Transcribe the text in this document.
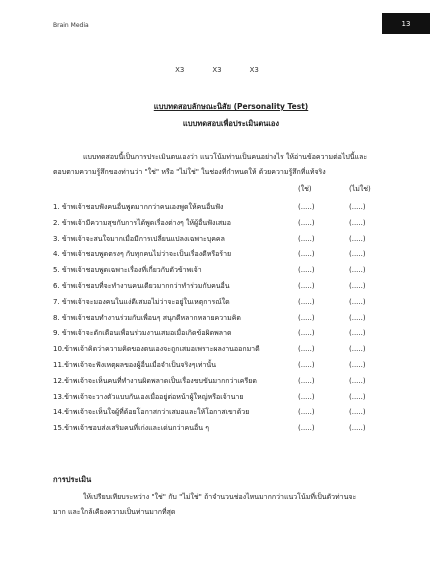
Brain Media	13
X3	X3	X3
แบบทดสอบลักษณะนิสัย (Personality Test)
แบบทดสอบเพื่อประเมินตนเอง

แบบทดสอบนี้เป็นการประเมินตนเองว่า แนวโน้มท่านเป็นคนอย่างไร ให้อ่านข้อความต่อไปนี้และ

ตอบตามความรู้สึกของท่านว่า "ใช่" หรือ "ไม่ใช่" ในช่องที่กำหนดให้ ด้วยความรู้สึกที่แท้จริง

(ใช่)	(ไม่ใช่)
1. ข้าพเจ้าชอบฟังคนอื่นพูดมากกว่าคนเองพูดให้คนอื่นฟัง	(.....)	(.....)
2. ข้าพเจ้ามีความสุขกับการได้พูดเรื่องต่างๆ ให้ผู้อื่นฟังเสมอ	(.....)	(.....)
3. ข้าพเจ้าจะสนใจมากเมื่อมีการเปลี่ยนแปลงเฉพาะบุคคล	(.....)	(.....)
4. ข้าพเจ้าชอบพูดตรงๆ กับทุกคนไม่ว่าจะเป็นเรื่องดีหรือร้าย	(.....)	(.....)
5. ข้าพเจ้าชอบพูดเฉพาะเรื่องที่เกี่ยวกับตัวข้าพเจ้า	(.....)	(.....)
6. ข้าพเจ้าชอบที่จะทำงานคนเดียวมากกว่าทำร่วมกับคนอื่น	(.....)	(.....)
7. ข้าพเจ้าจะมองคนในแง่ดีเสมอไม่ว่าจะอยู่ในเหตุการณ์ใด	(.....)	(.....)
8. ข้าพเจ้าชอบทำงานร่วมกับเพื่อนๆ สนุกดีหลากหลายความคิด	(.....)	(.....)
9. ข้าพเจ้าจะตักเตือนเพื่อนร่วมงานเสมอเมื่อเกิดข้อผิดพลาด	(.....)	(.....)
10.ข้าพเจ้าคิดว่าความคิดของตนเองจะถูกเสมอเพราะผลงานออกมาดี	(.....)	(.....)
11.ข้าพเจ้าจะฟังเหตุผลของผู้อื่นเมื่อจำเป็นจริงๆเท่านั้น	(.....)	(.....)
12.ข้าพเจ้าจะเห็นคนที่ทำงานผิดพลาดเป็นเรื่องขบขันมากกว่าเครียด	(.....)	(.....)
13.ข้าพเจ้าจะวางตัวแบบกันเองเมื่ออยู่ต่อหน้าผู้ใหญ่หรือเจ้านาย	(.....)	(.....)
14.ข้าพเจ้าจะเห็นใจผู้ที่ด้อยโอกาสกว่าเสมอและให้โอกาสเขาด้วย	(.....)	(.....)
15.ข้าพเจ้าชอบส่งเสริมคนที่เก่งและเด่นกว่าคนอื่น ๆ	(.....)	(.....)
การประเมิน

ให้เปรียบเทียบระหว่าง "ใช่" กับ "ไม่ใช่" ถ้าจำนวนช่องไหนมากกว่าแนวโน้มที่เป็นตัวท่านจะ

มาก และใกล้เคียงความเป็นท่านมากที่สุด
